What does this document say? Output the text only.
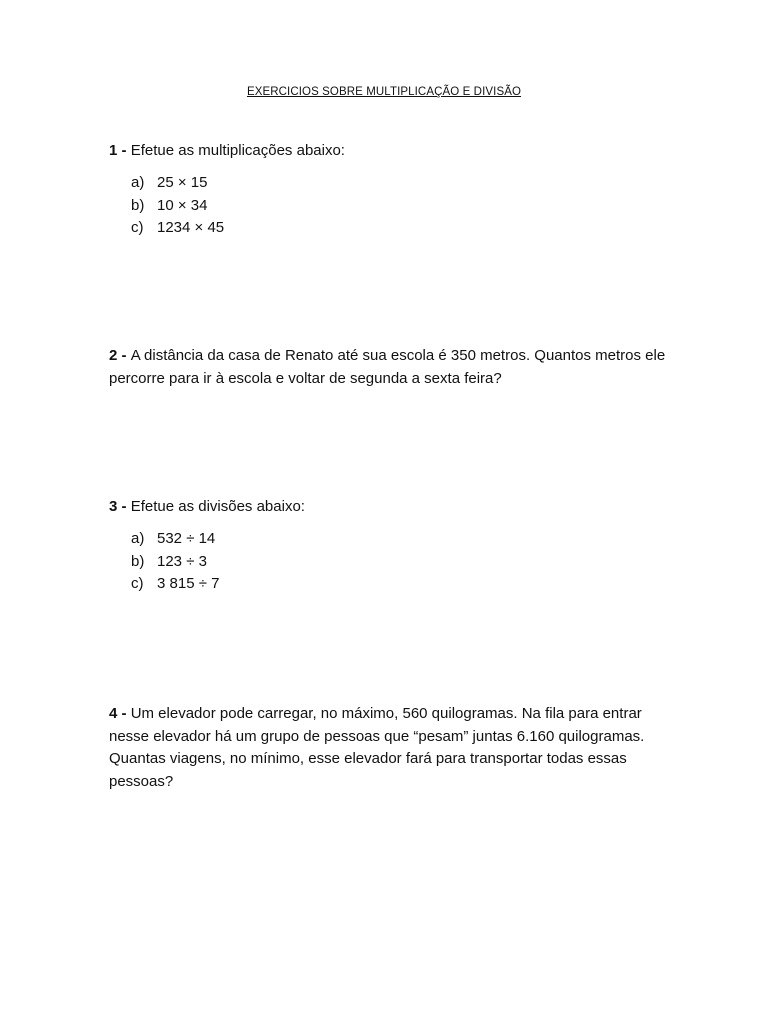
EXERCICIOS SOBRE MULTIPLICAÇÃO E DIVISÃO
1 - Efetue as multiplicações abaixo:
a) 25 × 15
b) 10 × 34
c) 1234 × 45
2 - A distância da casa de Renato até sua escola é 350 metros. Quantos metros ele percorre para ir à escola e voltar de segunda a sexta feira?
3 - Efetue as divisões abaixo:
a) 532 ÷ 14
b) 123 ÷ 3
c) 3 815 ÷ 7
4 - Um elevador pode carregar, no máximo, 560 quilogramas. Na fila para entrar nesse elevador há um grupo de pessoas que “pesam” juntas 6.160 quilogramas. Quantas viagens, no mínimo, esse elevador fará para transportar todas essas pessoas?
